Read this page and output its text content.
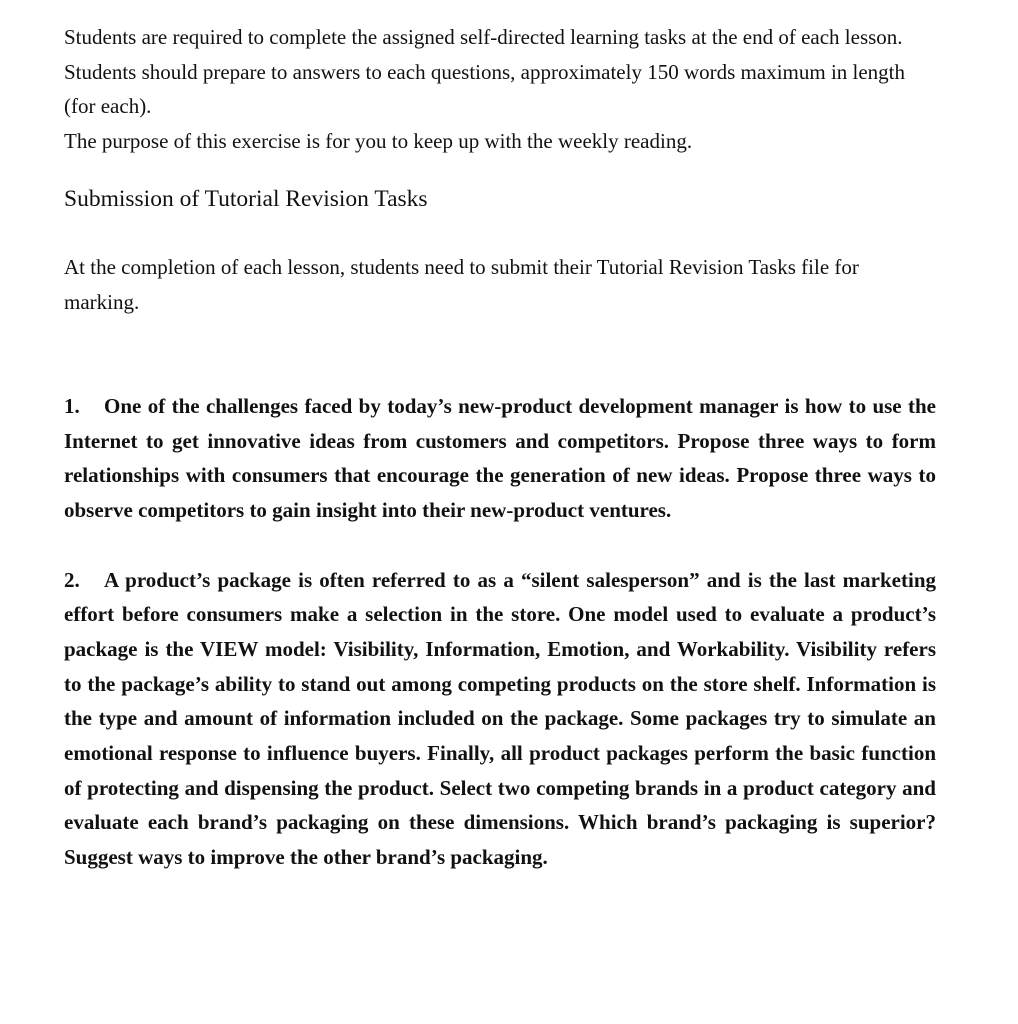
Students are required to complete the assigned self-directed learning tasks at the end of each lesson.

Students should prepare to answers to each questions, approximately 150 words maximum in length (for each).

The purpose of this exercise is for you to keep up with the weekly reading.

Submission of Tutorial Revision Tasks

At the completion of each lesson, students need to submit their Tutorial Revision Tasks file for marking.

1. One of the challenges faced by today’s new-product development manager is how to use the Internet to get innovative ideas from customers and competitors. Propose three ways to form relationships with consumers that encourage the generation of new ideas. Propose three ways to observe competitors to gain insight into their new-product ventures.

2. A product’s package is often referred to as a “silent salesperson” and is the last marketing effort before consumers make a selection in the store. One model used to evaluate a product’s package is the VIEW model: Visibility, Information, Emotion, and Workability. Visibility refers to the package’s ability to stand out among competing products on the store shelf. Information is the type and amount of information included on the package. Some packages try to simulate an emotional response to influence buyers. Finally, all product packages perform the basic function of protecting and dispensing the product. Select two competing brands in a product category and evaluate each brand’s packaging on these dimensions. Which brand’s packaging is superior? Suggest ways to improve the other brand’s packaging.
